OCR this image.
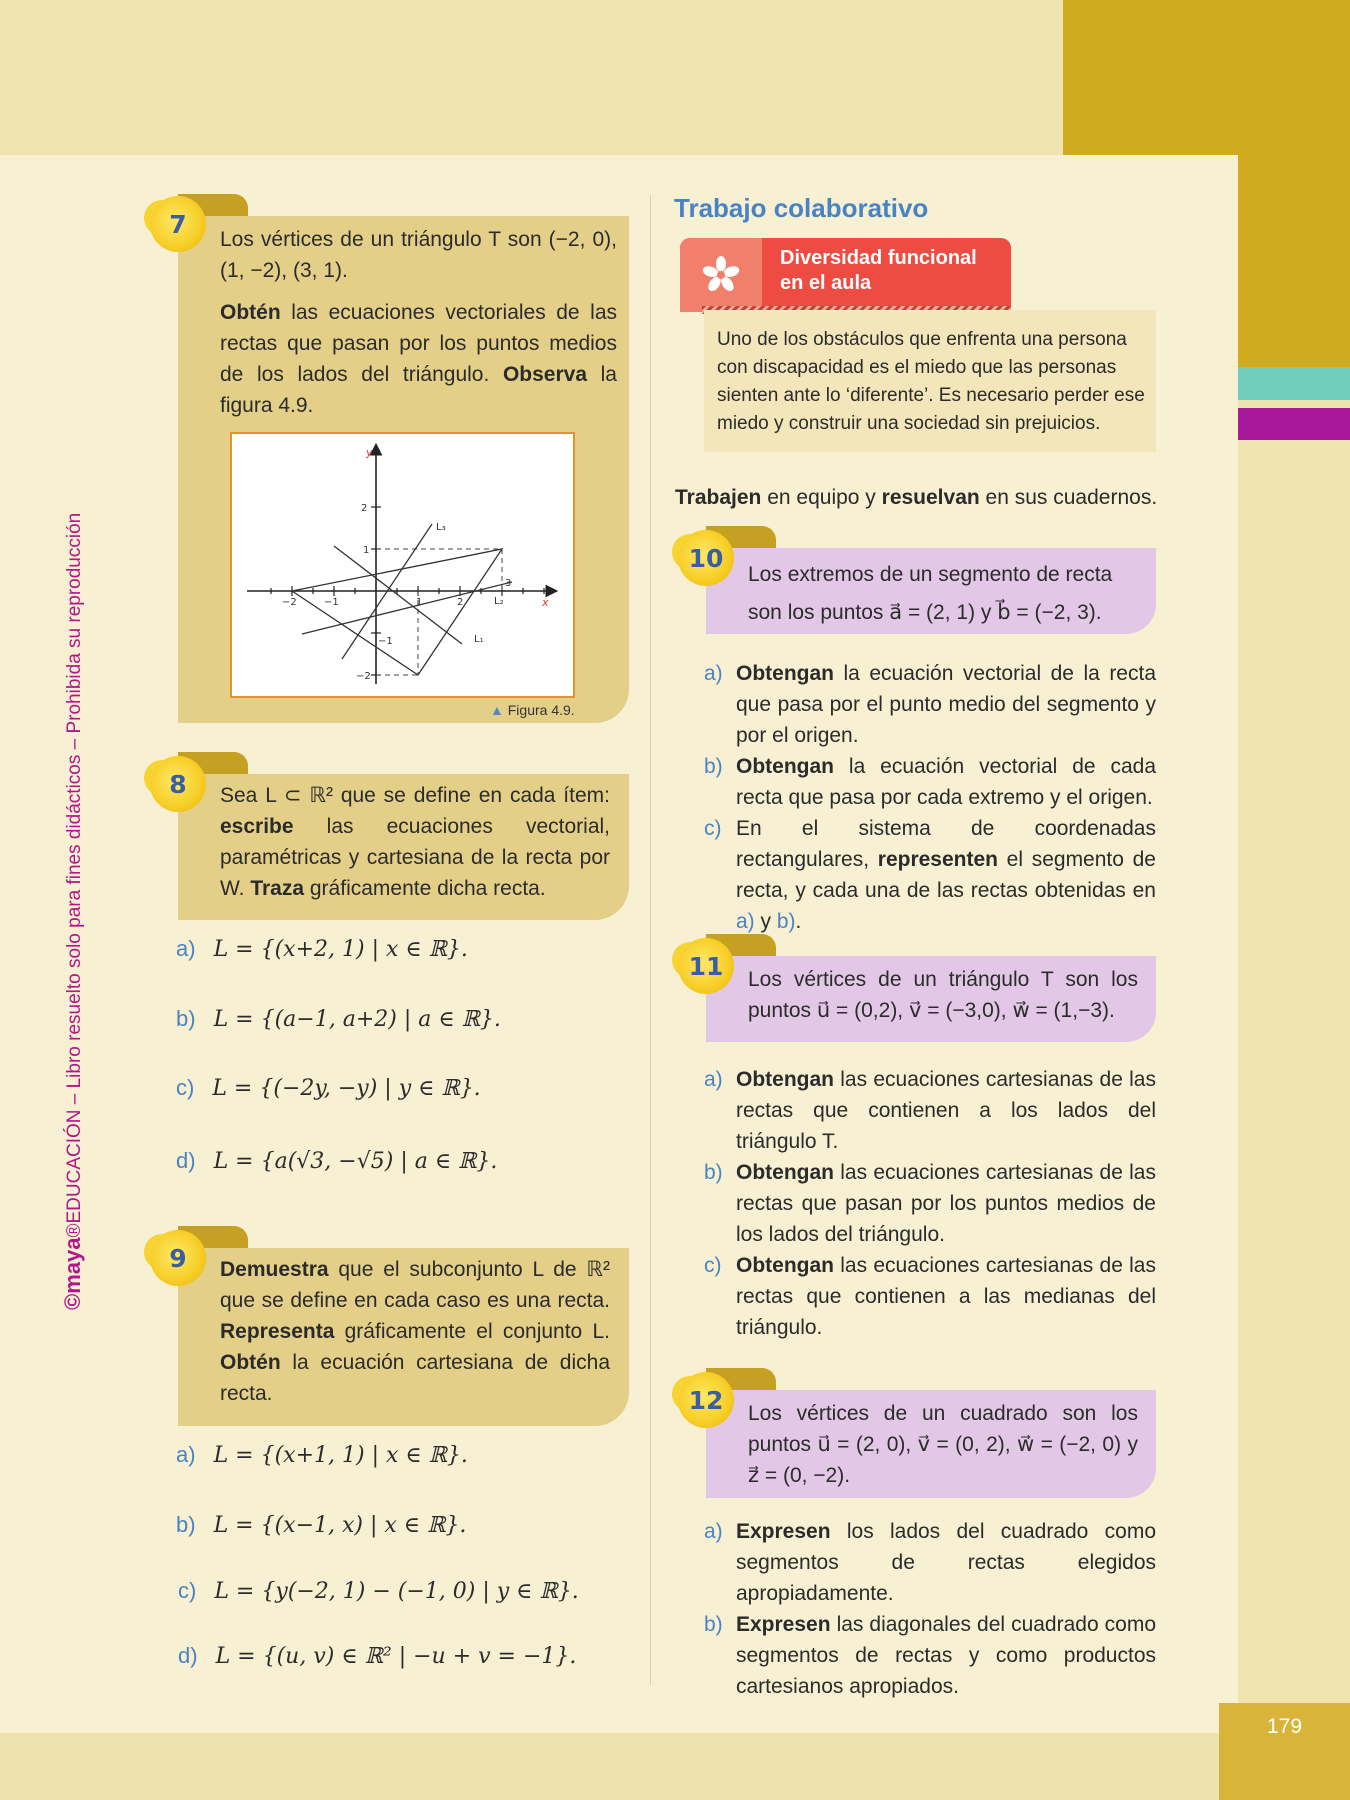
179
©maya®EDUCACIÓN – Libro resuelto solo para fines didácticos – Prohibida su reproducción
7
Los vértices de un triángulo T son (−2, 0), (1, −2), (3, 1).
Obtén las ecuaciones vectoriales de las rectas que pasan por los puntos medios de los lados del triángulo. Observa la figura 4.9.
−2	−1	1	2
3
2
1
−1
−2
L₃
L₂
L₁
x
y
▲ Figura 4.9.
8 Sea L ⊂ ℝ² que se define en cada ítem: escribe las ecuaciones vectorial, paramétricas y cartesiana de la recta por W. Traza gráficamente dicha recta.
a) L = {(x+2, 1) | x ∈ ℝ}.
b) L = {(a−1, a+2) | a ∈ ℝ}.
c) L = {(−2y, −y) | y ∈ ℝ}.
d) L = {a(√3, −√5) | a ∈ ℝ}.
9 Demuestra que el subconjunto L de ℝ² que se define en cada caso es una recta. Representa gráficamente el conjunto L. Obtén la ecuación cartesiana de dicha recta.
a) L = {(x+1, 1) | x ∈ ℝ}.
b) L = {(x−1, x) | x ∈ ℝ}.
c) L = {y(−2, 1) − (−1, 0) | y ∈ ℝ}.
d) L = {(u, v) ∈ ℝ² | −u + v = −1}.
Trabajo colaborativo
Diversidad funcional en el aula
Uno de los obstáculos que enfrenta una persona con discapacidad es el miedo que las personas sienten ante lo ‘diferente’. Es necesario perder ese miedo y construir una sociedad sin prejuicios.
Trabajen en equipo y resuelvan en sus cuadernos.
10
Los extremos de un segmento de recta son los puntos a⃗ = (2, 1) y b⃗ = (−2, 3).
a) Obtengan la ecuación vectorial de la recta que pasa por el punto medio del segmento y por el origen.
b) Obtengan la ecuación vectorial de cada recta que pasa por cada extremo y el origen.
c) En el sistema de coordenadas rectangulares, representen el segmento de recta, y cada una de las rectas obtenidas en a) y b).
11 Los vértices de un triángulo T son los puntos u⃗ = (0,2), v⃗ = (−3,0), w⃗ = (1,−3).
a) Obtengan las ecuaciones cartesianas de las rectas que contienen a los lados del triángulo T.
b) Obtengan las ecuaciones cartesianas de las rectas que pasan por los puntos medios de los lados del triángulo.
c) Obtengan las ecuaciones cartesianas de las rectas que contienen a las medianas del triángulo.
12 Los vértices de un cuadrado son los puntos u⃗ = (2, 0), v⃗ = (0, 2), w⃗ = (−2, 0) y z⃗ = (0, −2).
a) Expresen los lados del cuadrado como segmentos de rectas elegidos apropiadamente.
b) Expresen las diagonales del cuadrado como segmentos de rectas y como productos cartesianos apropiados.
